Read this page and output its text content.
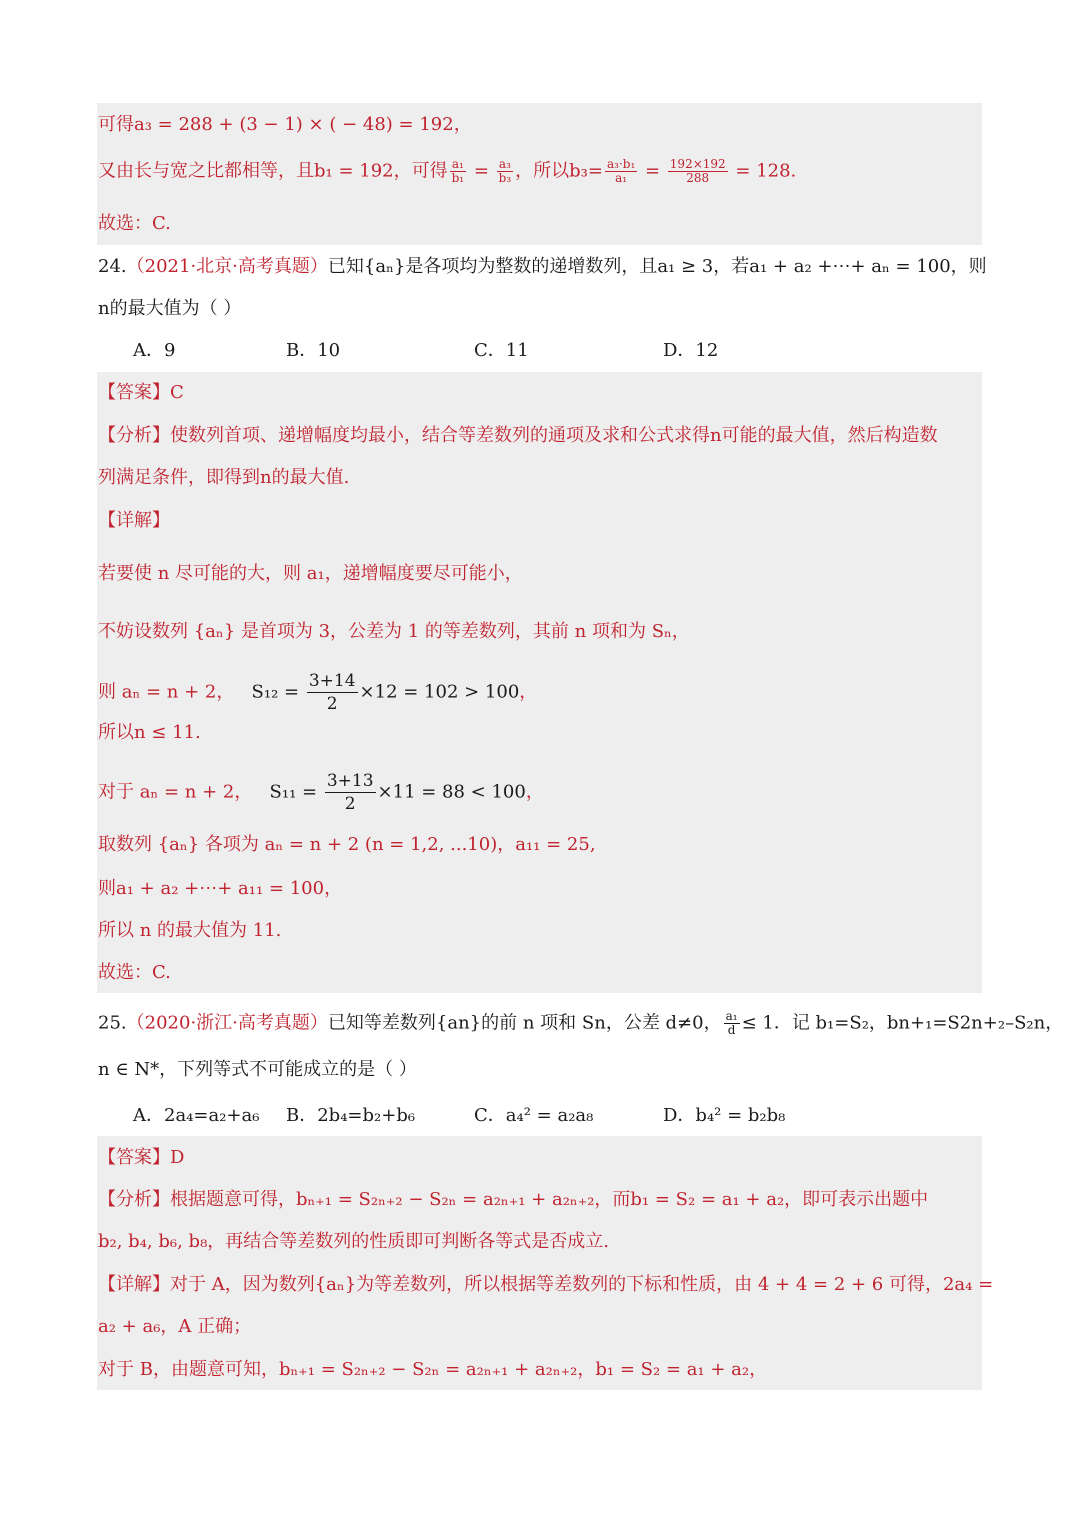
可得a₃ = 288 + (3 − 1) × ( − 48) = 192，
又由长与宽之比都相等，且b₁ = 192，可得 $\frac{\text{a₁}}{\text{b₁}} = \frac{\text{a₃}}{\text{b₃}}$ ，所以$b_3= \frac{\text{a₃·b₁}}{\text{a₁}} = \frac{192\times 192}{288} = 128$.
故选：C.
24.（2021·北京·高考真题）已知{aₙ}是各项均为整数的递增数列，且a₁ ≥ 3，若a₁ + a₂ +⋯+ aₙ = 100，则
n的最大值为（ ）
A．9	B．10	C．11	D．12
【答案】C
【分析】使数列首项、递增幅度均最小，结合等差数列的通项及求和公式求得n可能的最大值，然后构造数
列满足条件，即得到n的最大值.
【详解】
若要使 n 尽可能的大，则 a₁，递增幅度要尽可能小，
不妨设数列 {aₙ} 是首项为 3，公差为 1 的等差数列，其前 n 项和为 Sₙ，
则 aₙ = n + 2， $S_{12} = \frac{3+14}{2} \times 12 = 102 > 100$，
所以n ≤ 11.
对于 aₙ = n + 2， $S_{11} = \frac{3+13}{2} \times 11 = 88 < 100$，
取数列 {aₙ} 各项为 aₙ = n + 2 (n = 1,2, ...10)，a₁₁ = 25,
则a₁ + a₂ +⋯+ a₁₁ = 100，
所以 n 的最大值为 11.
故选：C.
25.（2020·浙江·高考真题）已知等差数列{an}的前 n 项和 Sn，公差 d≠0， $\frac{\text{a₁}}{d} \le 1$．记 b₁=S₂，bn+₁=S2n+₂–S₂n，
n ∈ N*，下列等式不可能成立的是（ ）
A．2a₄=a₂+a₆ B．2b₄=b₂+b₆	C．a₄² = a₂a₈	D．b₄² = b₂b₈
【答案】D
【分析】根据题意可得，bₙ₊₁ = S₂ₙ₊₂ − S₂ₙ = a₂ₙ₊₁ + a₂ₙ₊₂，而b₁ = S₂ = a₁ + a₂，即可表示出题中
b₂, b₄, b₆, b₈，再结合等差数列的性质即可判断各等式是否成立.
【详解】对于 A，因为数列{aₙ}为等差数列，所以根据等差数列的下标和性质，由 4 + 4 = 2 + 6 可得，2a₄ =
a₂ + a₆，A 正确；
对于 B，由题意可知，bₙ₊₁ = S₂ₙ₊₂ − S₂ₙ = a₂ₙ₊₁ + a₂ₙ₊₂，b₁ = S₂ = a₁ + a₂，
